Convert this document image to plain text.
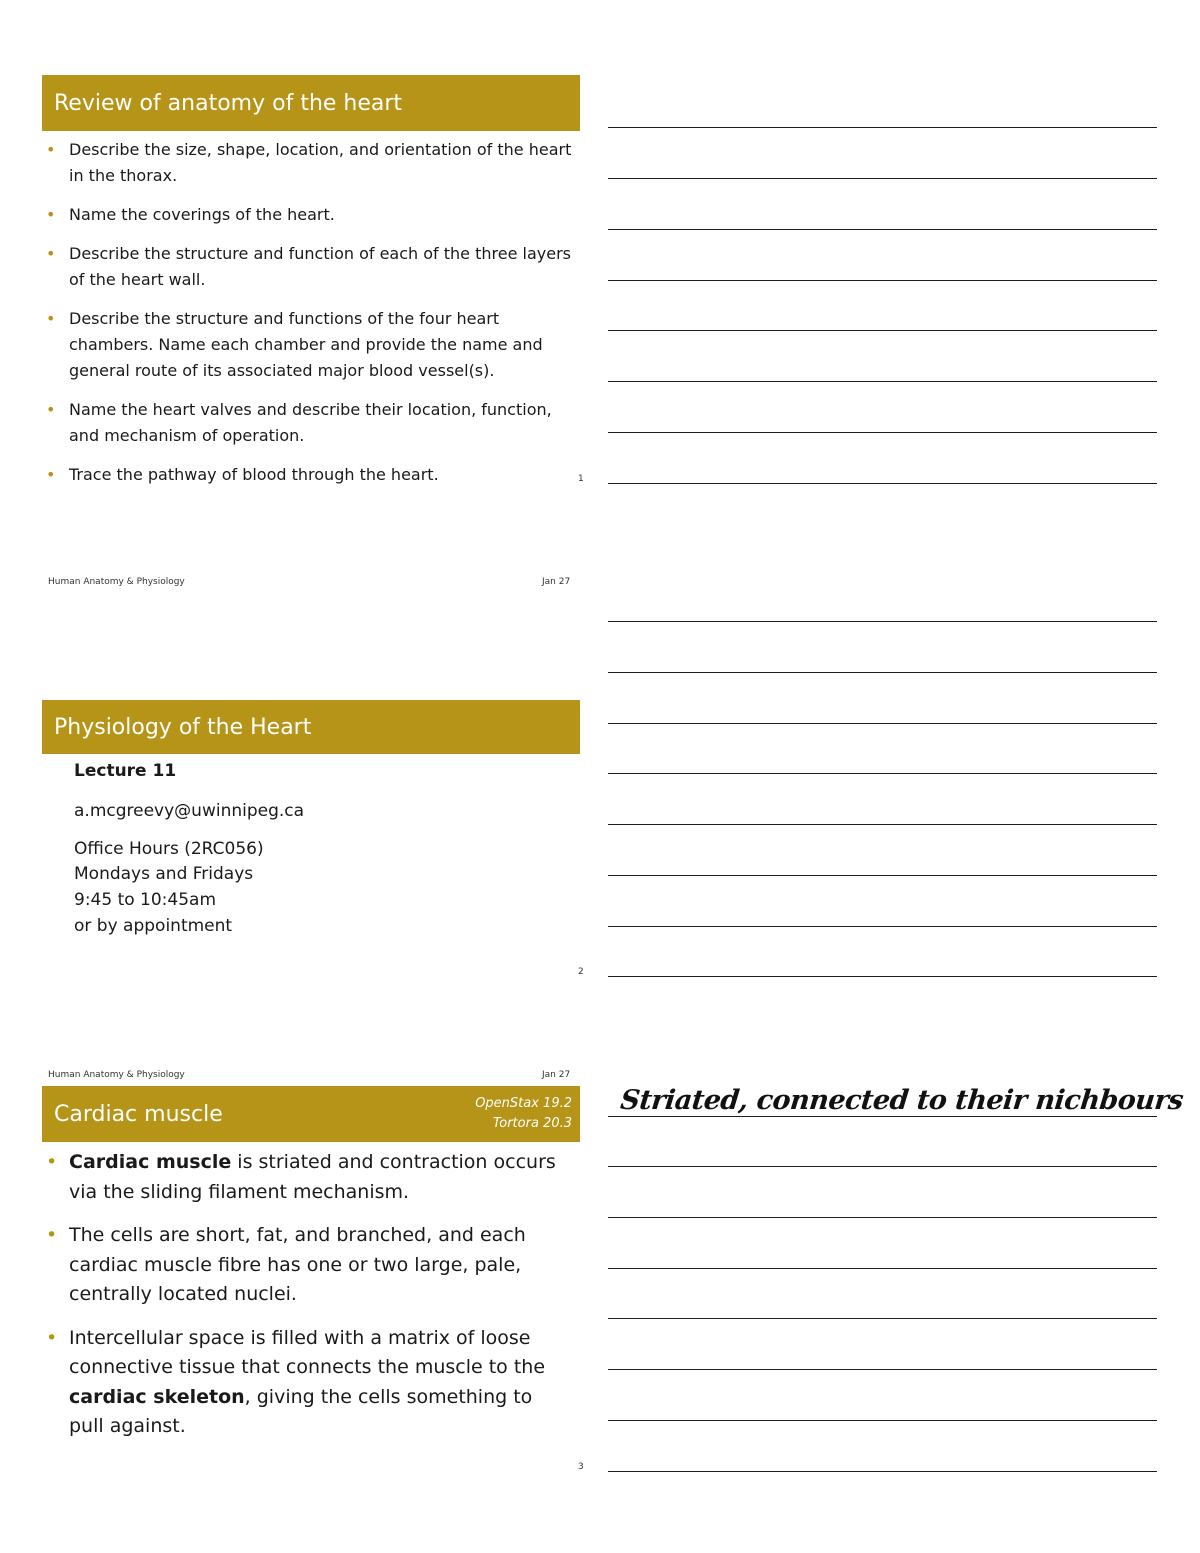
Review of anatomy of the heart
• Describe the size, shape, location, and orientation of the heart in the thorax.
• Name the coverings of the heart.
• Describe the structure and function of each of the three layers of the heart wall.
• Describe the structure and functions of the four heart chambers. Name each chamber and provide the name and general route of its associated major blood vessel(s).
• Name the heart valves and describe their location, function, and mechanism of operation.
• Trace the pathway of blood through the heart.	1
Human Anatomy & Physiology	Jan 27
Physiology of the Heart
Lecture 11
a.mcgreevy@uwinnipeg.ca
Office Hours (2RC056)
Mondays and Fridays
9:45 to 10:45am
or by appointment
2
Human Anatomy & Physiology	Jan 27
Cardiac muscle	OpenStax 19.2
Tortora 20.3
• Cardiac muscle is striated and contraction occurs via the sliding filament mechanism.
• The cells are short, fat, and branched, and each cardiac muscle fibre has one or two large, pale, centrally located nuclei.
• Intercellular space is filled with a matrix of loose connective tissue that connects the muscle to the cardiac skeleton, giving the cells something to pull against.
3
Striated, connected to their nichbours
